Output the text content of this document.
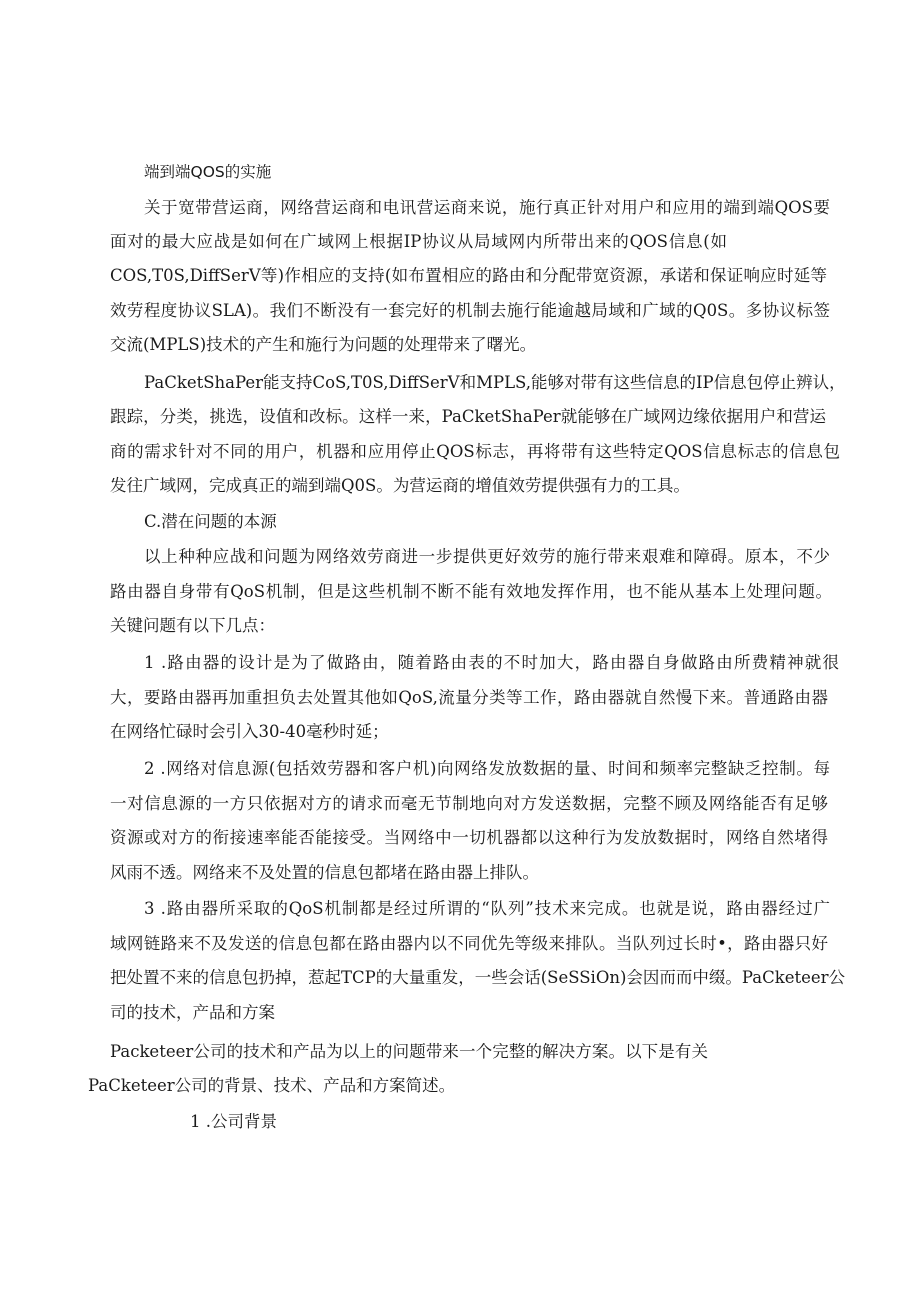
端到端QOS的实施

关于宽带营运商，网络营运商和电讯营运商来说，施行真正针对用户和应用的端到端QOS要

面对的最大应战是如何在广域网上根据IP协议从局域网内所带出来的QOS信息(如

COS,T0S,DiffSerV等)作相应的支持(如布置相应的路由和分配带宽资源，承诺和保证响应时延等

效劳程度协议SLA)。我们不断没有一套完好的机制去施行能逾越局域和广域的Q0S。多协议标签

交流(MPLS)技术的产生和施行为问题的处理带来了曙光。

PaCketShaPer能支持CoS,T0S,DiffSerV和MPLS,能够对带有这些信息的IP信息包停止辨认，

跟踪，分类，挑选，设值和改标。这样一来，PaCketShaPer就能够在广域网边缘依据用户和营运

商的需求针对不同的用户，机器和应用停止QOS标志，再将带有这些特定QOS信息标志的信息包

发往广域网，完成真正的端到端Q0S。为营运商的增值效劳提供强有力的工具。

C.潜在问题的本源

以上种种应战和问题为网络效劳商进一步提供更好效劳的施行带来艰难和障碍。原本，不少

路由器自身带有QoS机制，但是这些机制不断不能有效地发挥作用，也不能从基本上处理问题。

关键问题有以下几点：

1 .路由器的设计是为了做路由，随着路由表的不时加大，路由器自身做路由所费精神就很

大，要路由器再加重担负去处置其他如QoS,流量分类等工作，路由器就自然慢下来。普通路由器

在网络忙碌时会引入30-40毫秒时延；

2 .网络对信息源(包括效劳器和客户机)向网络发放数据的量、时间和频率完整缺乏控制。每

一对信息源的一方只依据对方的请求而毫无节制地向对方发送数据，完整不顾及网络能否有足够

资源或对方的衔接速率能否能接受。当网络中一切机器都以这种行为发放数据时，网络自然堵得

风雨不透。网络来不及处置的信息包都堵在路由器上排队。

3 .路由器所采取的QoS机制都是经过所谓的“队列”技术来完成。也就是说，路由器经过广

域网链路来不及发送的信息包都在路由器内以不同优先等级来排队。当队列过长时•，路由器只好

把处置不来的信息包扔掉，惹起TCP的大量重发，一些会话(SeSSiOn)会因而而中缀。PaCketeer公

司的技术，产品和方案

Packeteer公司的技术和产品为以上的问题带来一个完整的解决方案。以下是有关

PaCketeer公司的背景、技术、产品和方案简述。

1 .公司背景
